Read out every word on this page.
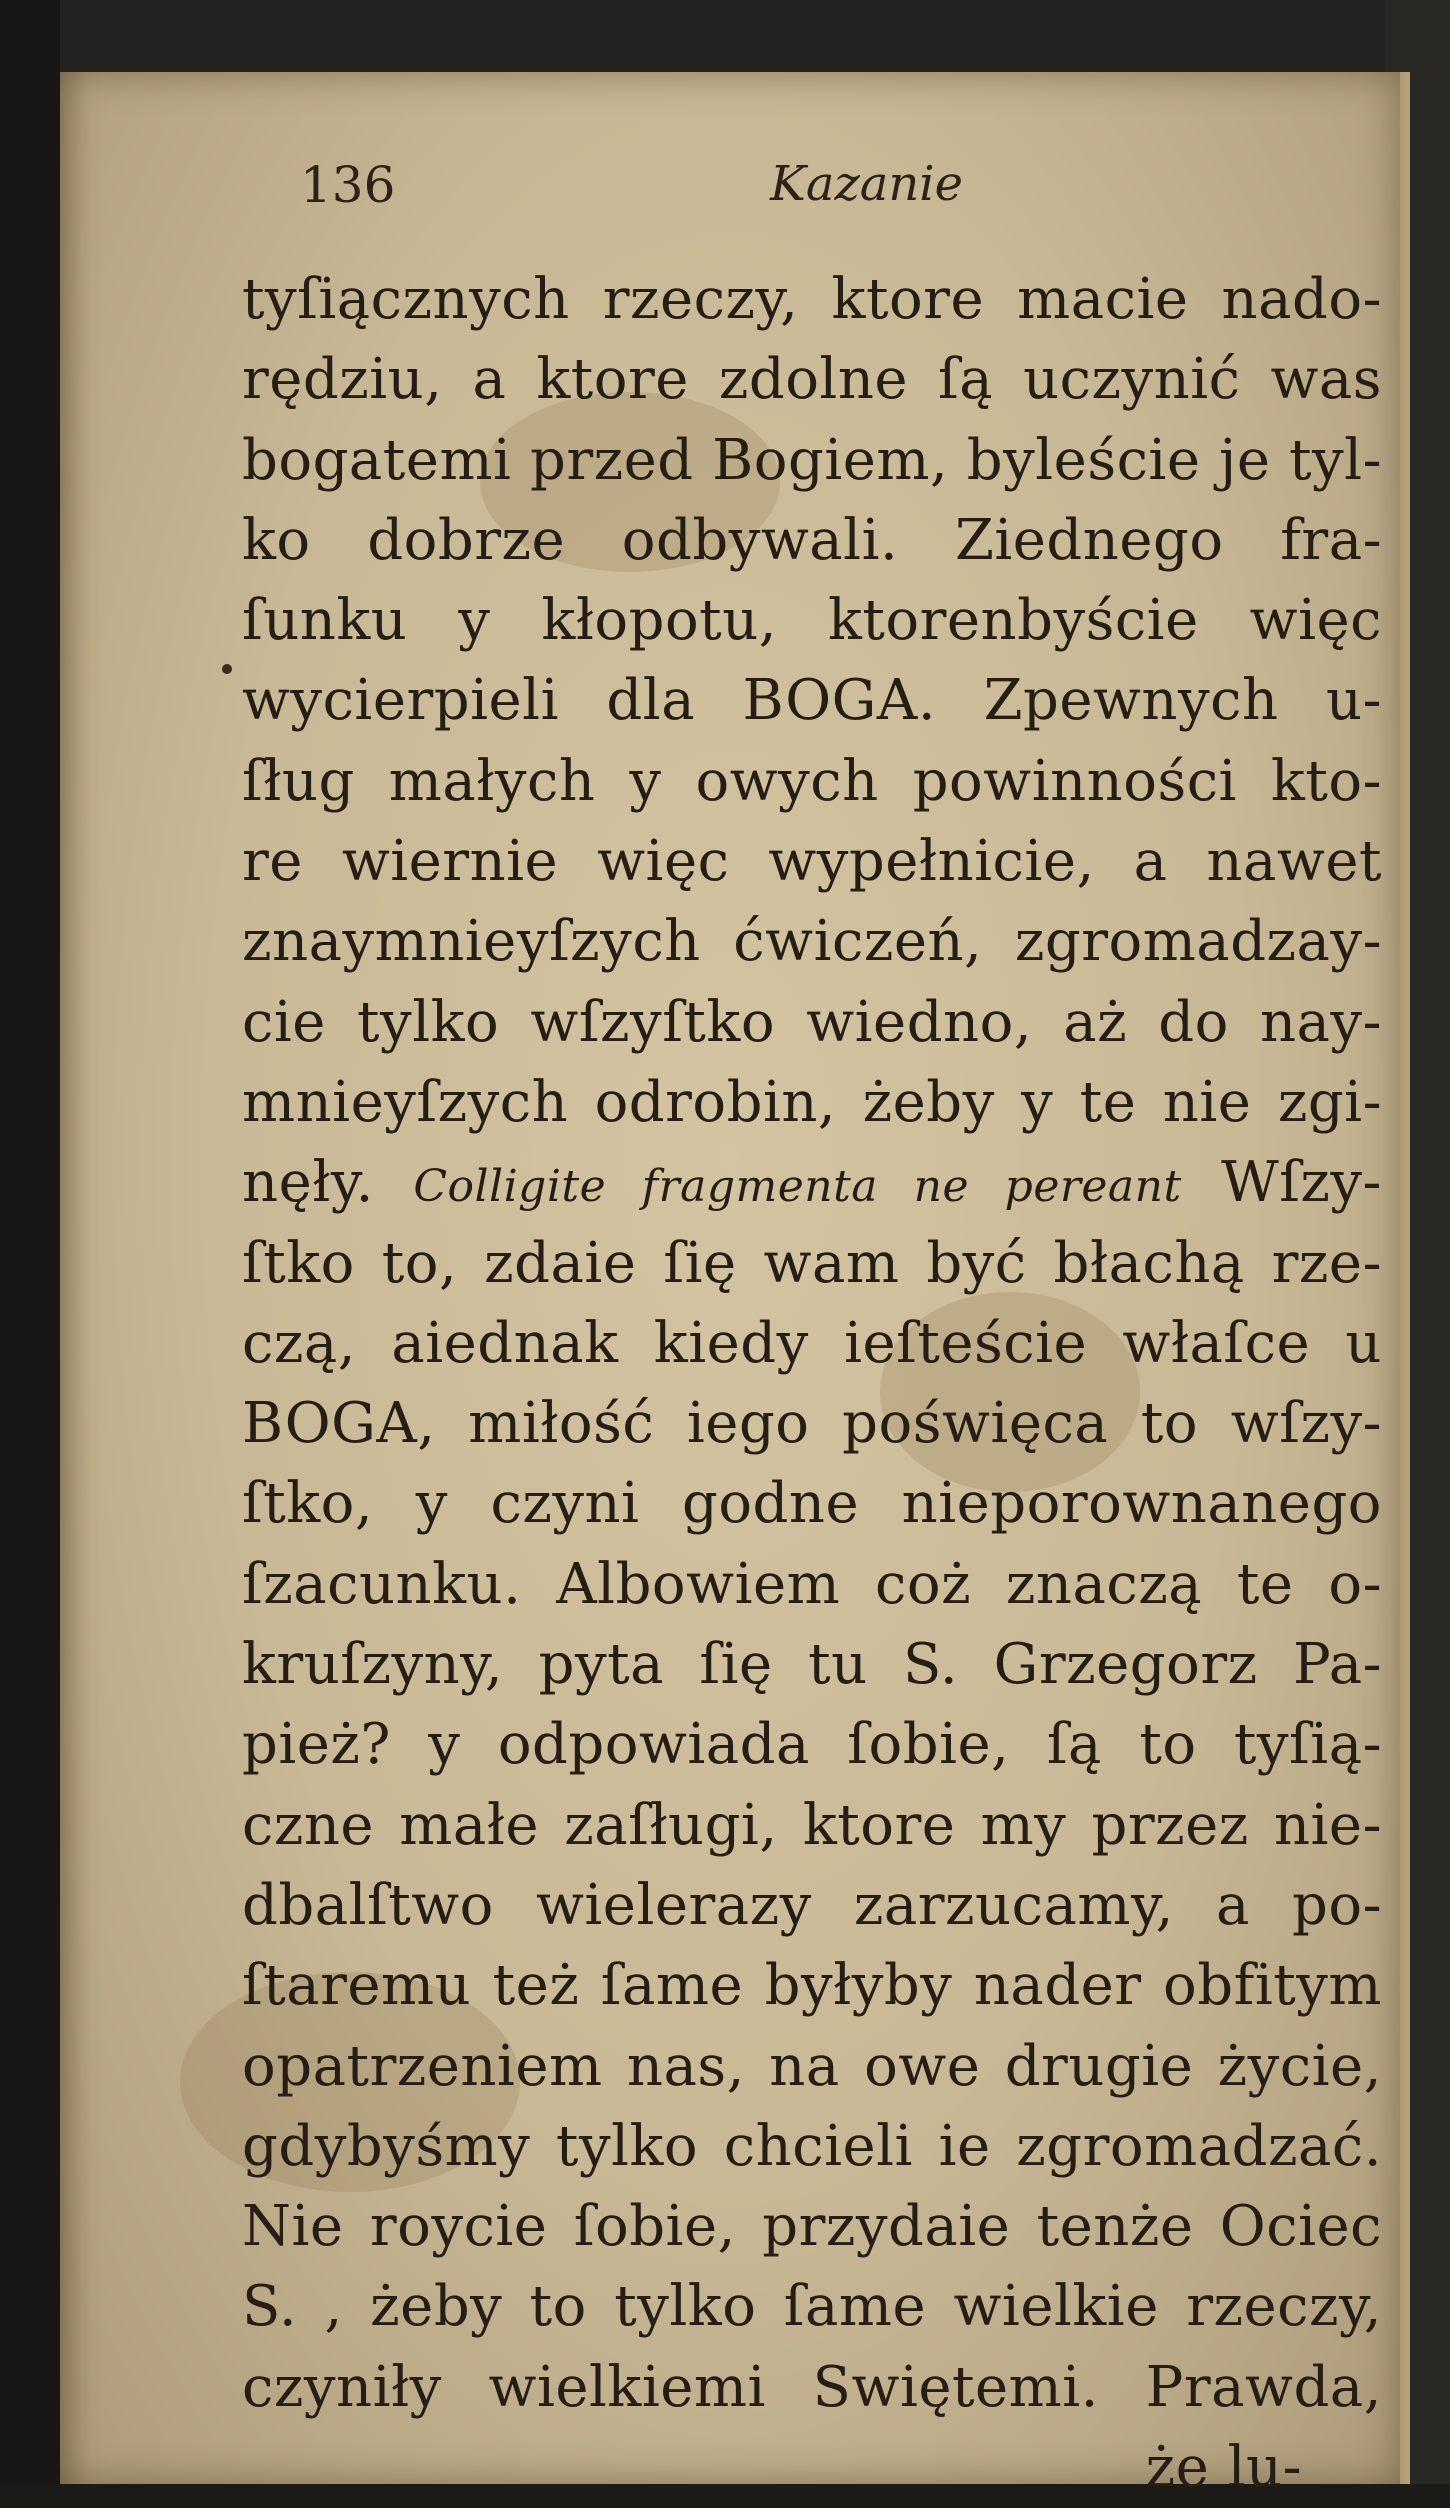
136	Kazanie
tyſiącznych rzeczy, ktore macie nado-
rędziu, a ktore zdolne ſą uczynić was
bogatemi przed Bogiem, byleście je tyl-
ko dobrze odbywali. Ziednego fra-
ſunku y kłopotu, ktorenbyście więc
wycierpieli dla BOGA. Zpewnych u-
ſług małych y owych powinności kto-
re wiernie więc wypełnicie, a nawet
znaymnieyſzych ćwiczeń, zgromadzay-
cie tylko wſzyſtko wiedno, aż do nay-
mnieyſzych odrobin, żeby y te nie zgi-
nęły. Colligite fragmenta ne pereant Wſzy-
ſtko to, zdaie ſię wam być błachą rze-
czą, aiednak kiedy ieſteście właſce u
BOGA, miłość iego poświęca to wſzy-
ſtko, y czyni godne nieporownanego
ſzacunku. Albowiem coż znaczą te o-
kruſzyny, pyta ſię tu S. Grzegorz Pa-
pież? y odpowiada ſobie, ſą to tyſią-
czne małe zaſługi, ktore my przez nie-
dbalſtwo wielerazy zarzucamy, a po-
ſtaremu też ſame byłyby nader obfitym
opatrzeniem nas, na owe drugie życie,
gdybyśmy tylko chcieli ie zgromadzać.
Nie roycie ſobie, przydaie tenże Ociec
S. , żeby to tylko ſame wielkie rzeczy,
czyniły wielkiemi Swiętemi. Prawda,
że lu-
